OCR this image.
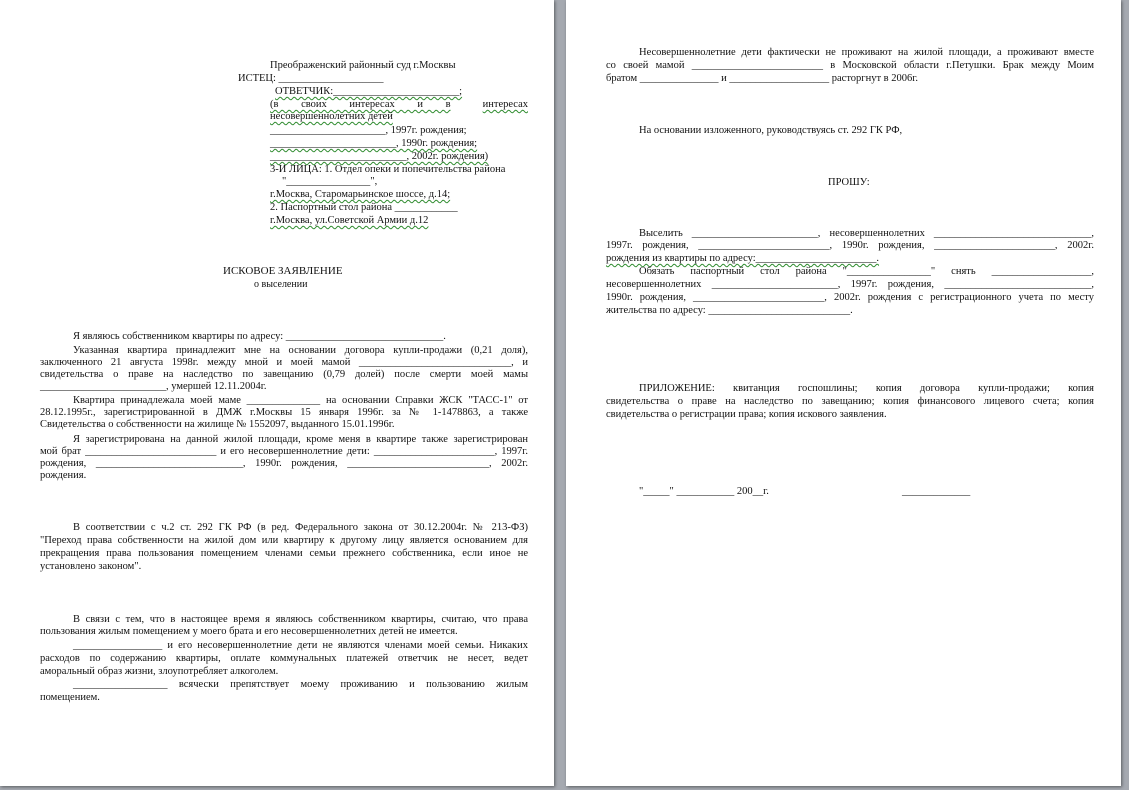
Преображенский районный суд г.Москвы
ИСТЕЦ: ____________________
ОТВЕТЧИК:________________________;
(в своих интересах и в	интересах
несовершеннолетних детей
______________________, 1997г. рождения;
________________________, 1990г. рождения;
__________________________, 2002г. рождения)
3-И ЛИЦА: 1. Отдел опеки и попечительства района
"________________",
г.Москва, Старомарьинское шоссе, д.14;
2. Паспортный стол района ____________
г.Москва, ул.Советской Армии д.12
ИСКОВОЕ ЗАЯВЛЕНИЕ
о выселении
Я являюсь собственником квартиры по адресу: ______________________________.
Указанная квартира принадлежит мне на основании договора купли-продажи (0,21 доля),
заключенного 21 августа 1998г. между мной и моей мамой _____________________________, и
свидетельства о праве на наследство по завещанию (0,79 долей) после смерти моей мамы
________________________, умершей 12.11.2004г.
Квартира принадлежала моей маме ______________ на основании Справки ЖСК "ТАСС-1" от
28.12.1995г., зарегистрированной в ДМЖ г.Москвы 15 января 1996г. за № 1-1478863, а также
Свидетельства о собственности на жилище № 1552097, выданного 15.01.1996г.
Я зарегистрирована на данной жилой площади, кроме меня в квартире также зарегистрирован
мой брат _________________________ и его несовершеннолетние дети: _______________________, 1997г.
рождения, ____________________________, 1990г. рождения, ___________________________, 2002г.
рождения.
В соответствии с ч.2 ст. 292 ГК РФ (в ред. Федерального закона от 30.12.2004г. № 213-ФЗ)
"Переход права собственности на жилой дом или квартиру к другому лицу является основанием для
прекращения права пользования помещением членами семьи прежнего собственника, если иное не
установлено законом".
В связи с тем, что в настоящее время я являюсь собственником квартиры, считаю, что права
пользования жилым помещением у моего брата и его несовершеннолетних детей не имеется.
_________________ и его несовершеннолетние дети не являются членами моей семьи. Никаких
расходов по содержанию квартиры, оплате коммунальных платежей ответчик не несет, ведет
аморальный образ жизни, злоупотребляет алкоголем.
__________________ всячески препятствует моему проживанию и пользованию жилым
помещением.
Несовершеннолетние дети фактически не проживают на жилой площади, а проживают вместе
со своей мамой _________________________ в Московской области г.Петушки. Брак между Моим
братом _______________ и ___________________ расторгнут в 2006г.
На основании изложенного, руководствуясь ст. 292 ГК РФ,
ПРОШУ:
Выселить ________________________, несовершеннолетних ______________________________,
1997г. рождения, _________________________, 1990г. рождения, _______________________, 2002г.
рождения из квартиры по адресу:_______________________.
Обязать паспортный стол района "________________" снять ___________________,
несовершеннолетних ________________________, 1997г. рождения, ____________________________,
1990г. рождения, _________________________, 2002г. рождения с регистрационного учета по месту
жительства по адресу: ___________________________.
ПРИЛОЖЕНИЕ: квитанция госпошлины; копия договора купли-продажи; копия
свидетельства о праве на наследство по завещанию; копия финансового лицевого счета; копия
свидетельства о регистрации права; копия искового заявления.
"_____" ___________ 200__г.	_____________
